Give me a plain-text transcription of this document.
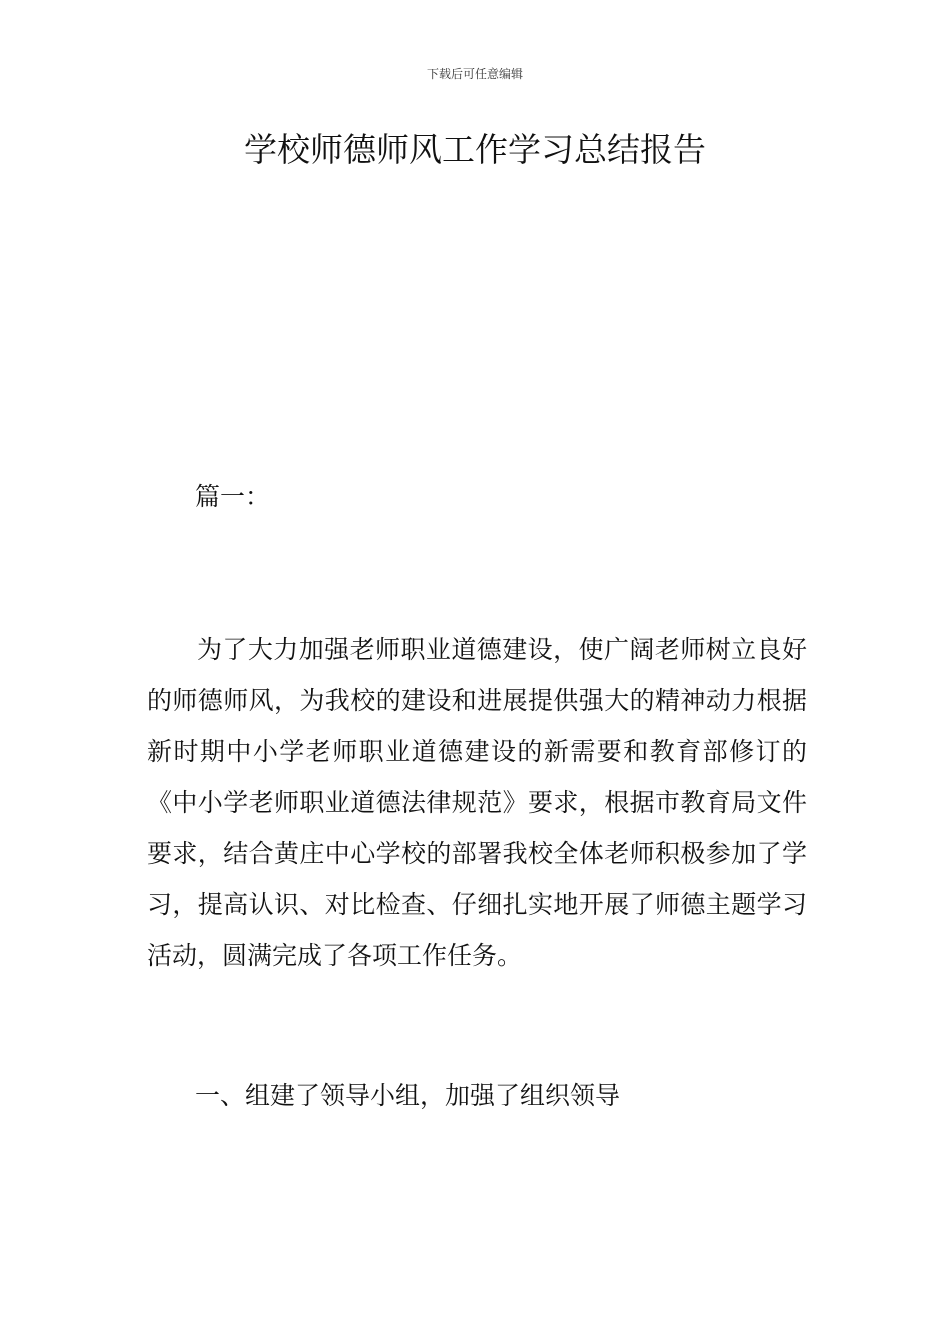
下载后可任意编辑
学校师德师风工作学习总结报告
篇一：

为了大力加强老师职业道德建设，使广阔老师树立良好的师德师风，为我校的建设和进展提供强大的精神动力根据新时期中小学老师职业道德建设的新需要和教育部修订的《中小学老师职业道德法律规范》要求，根据市教育局文件要求，结合黄庄中心学校的部署我校全体老师积极参加了学习，提高认识、对比检查、仔细扎实地开展了师德主题学习活动，圆满完成了各项工作任务。

一、组建了领导小组，加强了组织领导
